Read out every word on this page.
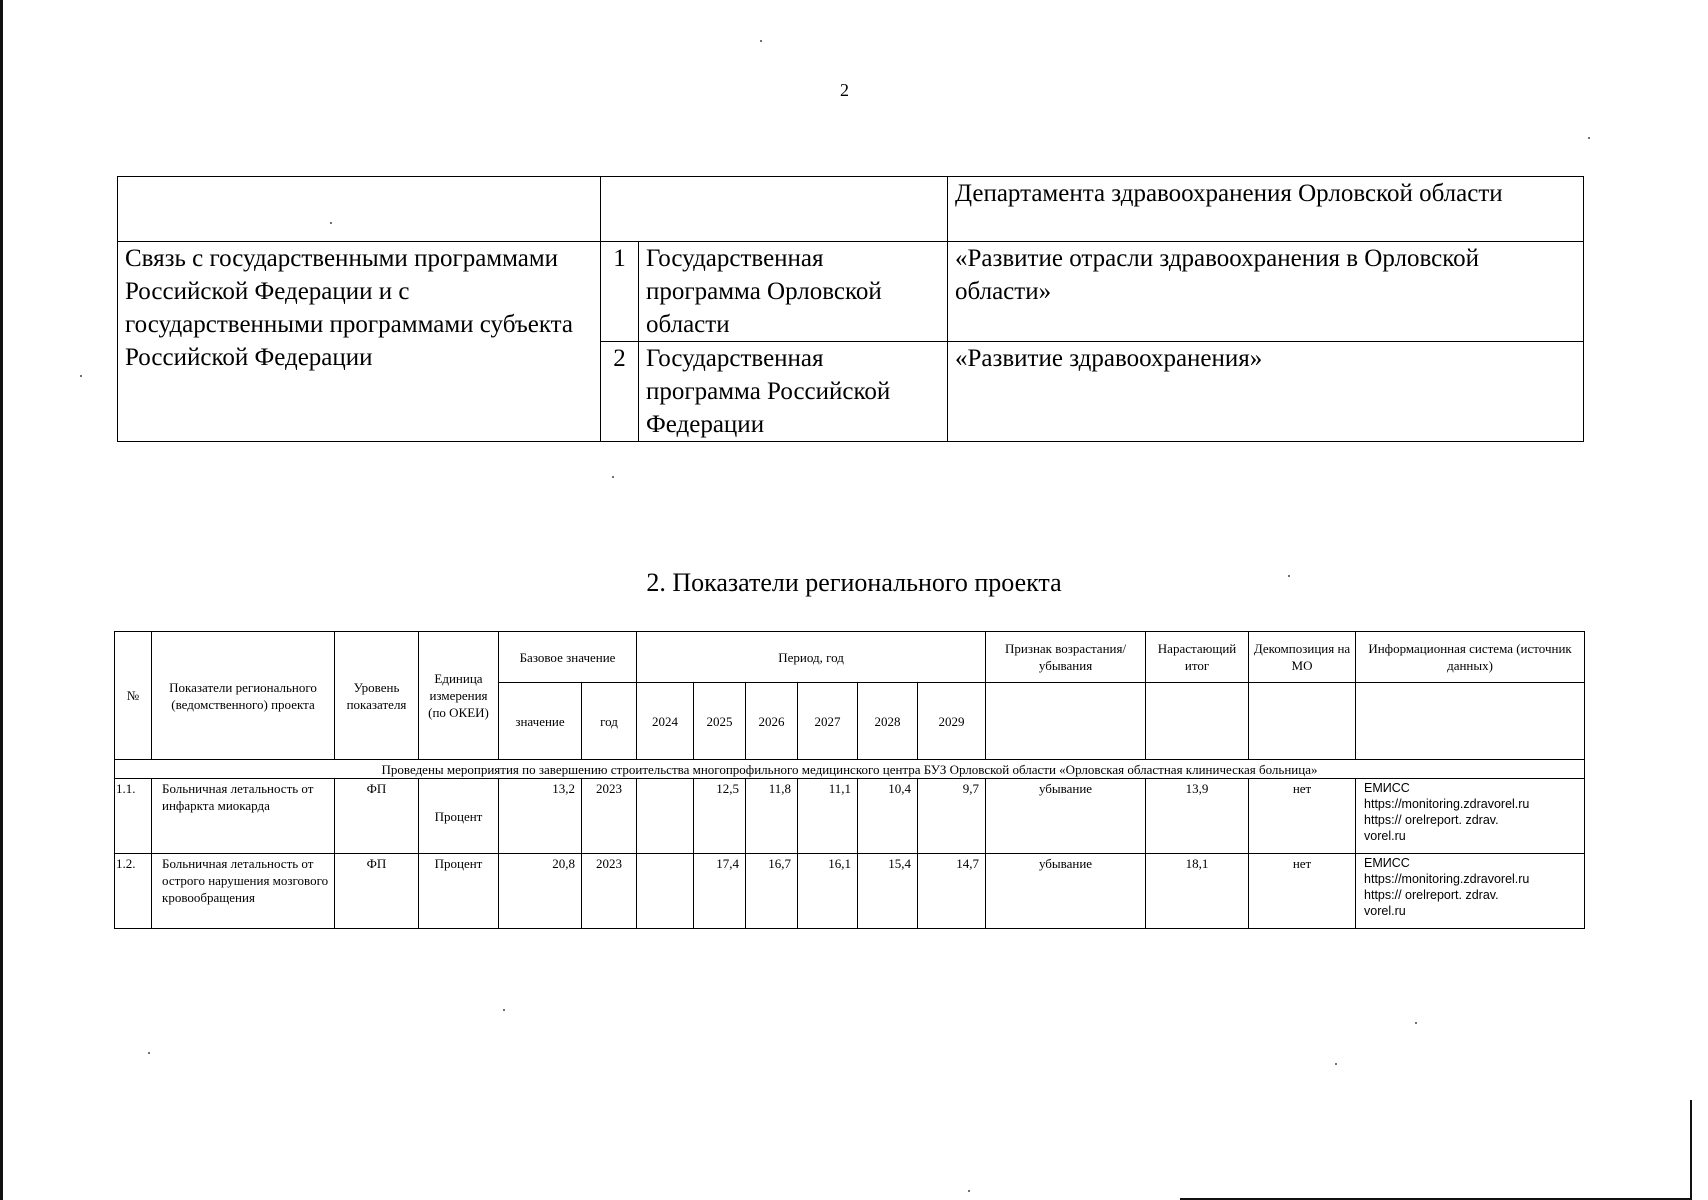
2
			Департамента здравоохранения Орловской области
Связь с государственными программами Российской Федерации и с государственными программами субъекта Российской Федерации	1	Государственная программа Орловской области	«Развитие отрасли здравоохранения в Орловской области»
	2	Государственная программа Российской Федерации	«Развитие здравоохранения»
2. Показатели регионального проекта
№	Показатели регионального (ведомственного) проекта	Уровень показателя	Единица измерения (по ОКЕИ)	Базовое значение		Период, год						Признак возрастания/убывания	Нарастающий итог	Декомпозиция на МО	Информационная система (источник данных)
				значение	год	2024	2025	2026	2027	2028	2029				
Проведены мероприятия по завершению строительства многопрофильного медицинского центра БУЗ Орловской области «Орловская областная клиническая больница»															
1.1.	Больничная летальность от инфаркта миокарда	ФП	Процент	13,2	2023		12,5	11,8	11,1	10,4	9,7	убывание	13,9	нет	ЕМИСС
https://monitoring.zdravorel.ru
https:// orelreport. zdrav.
vorel.ru

1.2.	Больничная летальность от острого нарушения мозгового кровообращения	ФП	Процент	20,8	2023		17,4	16,7	16,1	15,4	14,7	убывание	18,1	нет	ЕМИСС
https://monitoring.zdravorel.ru
https:// orelreport. zdrav.
vorel.ru
